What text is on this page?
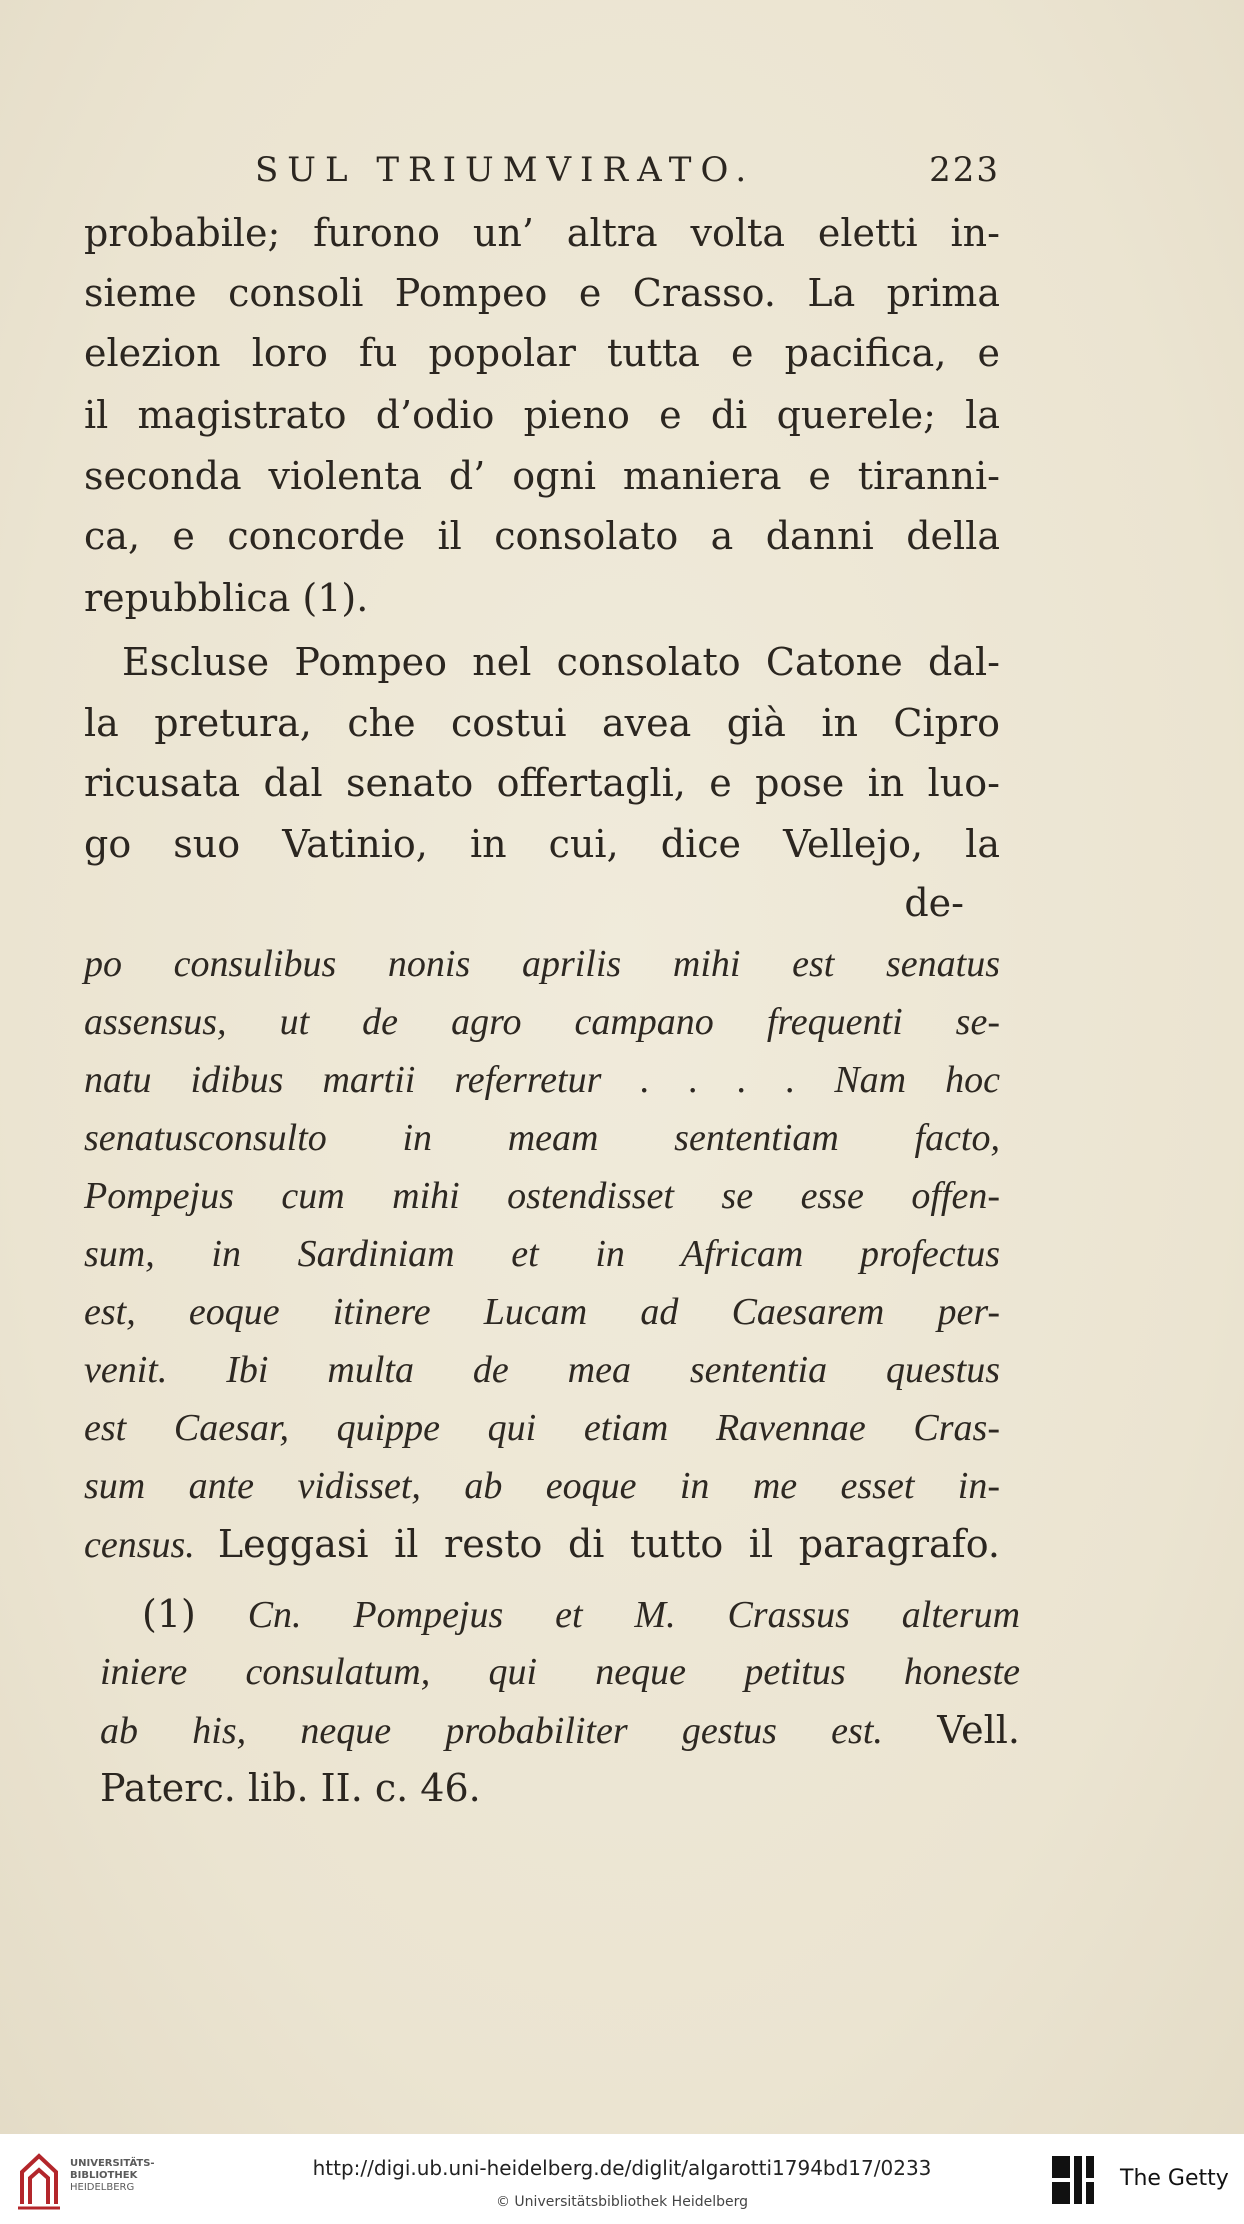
SUL TRIUMVIRATO.	223
probabile; furono un’ altra volta eletti in-
sieme consoli Pompeo e Crasso. La prima
elezion loro fu popolar tutta e pacifica, e
il magistrato d’odio pieno e di querele; la
seconda violenta d’ ogni maniera e tiranni-
ca, e concorde il consolato a danni della
repubblica (1).
Escluse Pompeo nel consolato Catone dal-
la pretura, che costui avea già in Cipro
ricusata dal senato offertagli, e pose in luo-
go suo Vatinio, in cui, dice Vellejo, la
de-
po consulibus nonis aprilis mihi est senatus
assensus, ut de agro campano frequenti se-
natu idibus martii referretur . . . . Nam hoc
senatusconsulto in meam sententiam facto,
Pompejus cum mihi ostendisset se esse offen-
sum, in Sardiniam et in Africam profectus
est, eoque itinere Lucam ad Caesarem per-
venit. Ibi multa de mea sententia questus
est Caesar, quippe qui etiam Ravennae Cras-
sum ante vidisset, ab eoque in me esset in-
census. Leggasi il resto di tutto il paragrafo.
(1) Cn. Pompejus et M. Crassus alterum
iniere consulatum, qui neque petitus honeste
ab his, neque probabiliter gestus est. Vell.
Paterc. lib. II. c. 46.
UNIVERSITÄTS-
BIBLIOTHEK
HEIDELBERG
http://digi.ub.uni-heidelberg.de/diglit/algarotti1794bd17/0233
© Universitätsbibliothek Heidelberg
The Getty
